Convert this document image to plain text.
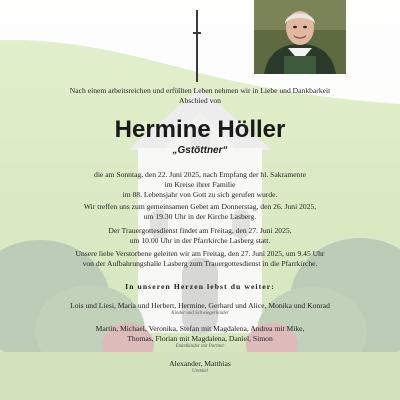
Nach einem arbeitsreichen und erfüllten Leben nehmen wir in Liebe und Dankbarkeit
Abschied von
Hermine Höller
„Gstöttner“
die am Sonntag, den 22. Juni 2025, nach Empfang der hl. Sakramente
im Kreise ihrer Familie
im 88. Lebensjahr von Gott zu sich gerufen wurde.
Wir treffen uns zum gemeinsamen Gebet am Donnerstag, den 26. Juni 2025,
um 19.30 Uhr in der Kirche Lasberg.
Der Trauergottesdienst findet am Freitag, den 27. Juni 2025,
um 10.00 Uhr in der Pfarrkirche Lasberg statt.
Unsere liebe Verstorbene geleiten wir am Freitag, den 27. Juni 2025, um 9.45 Uhr
von der Aufbahrungshalle Lasberg zum Trauergottesdienst in die Pfarrkirche.
In unseren Herzen lebst du weiter:
Lois und Liesi, Maria und Herbert, Hermine, Gerhard und Alice, Monika und Konrad
Kinder und Schwiegerkinder
Martin, Michael, Veronika, Stefan mit Magdalena, Andrea mit Mike,
Thomas, Florian mit Magdalena, Daniel, Simon
Enkelkinder mit Partner
Alexander, Matthias
Urenkel
